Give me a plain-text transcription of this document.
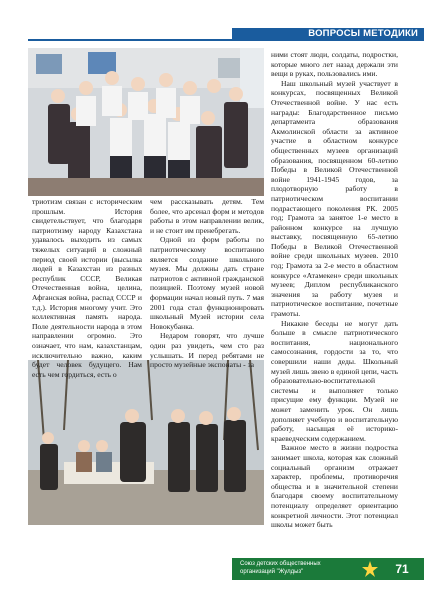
ВОПРОСЫ МЕТОДИКИ

триотизм связан с историческим прошлым. История свидетельствует, что благодаря патриотизму народу Казахстана удавалось выходить из самых тяжелых ситуаций в сложный период своей истории (высылка людей в Казахстан из разных республик СССР, Великая Отечественная война, целина, Афганская война, распад СССР и т.д.). История многому учит. Это коллективная память народа. Поле деятельности народа в этом направлении огромно. Это означает, что нам, казахстанцам, исключительно важно, каким будет человек будущего. Нам есть чем гордиться, есть о

чем рассказывать детям. Тем более, что арсенал форм и методов работы в этом направлении велик, и не стоит им пренебрегать.

Одной из форм работы по патриотическому воспитанию является создание школьного музея. Мы должны дать стране патриотов с активной гражданской позицией. Поэтому музей новой формации начал новый путь. 7 мая 2001 года стал функционировать школьный Музей истории села Новокубанка.

Недаром говорят, что лучше один раз увидеть, чем сто раз услышать. И перед ребятами не просто музейные экспонаты - за

ними стоят люди, солдаты, подростки, которые много лет назад держали эти вещи в руках, пользовались ими.

Наш школьный музей участвует в конкурсах, посвященных Великой Отечественной войне. У нас есть награды: Благодарственное письмо департамента образования Акмолинской области за активное участие в областном конкурсе общественных музеев организаций образования, посвященном 60-летию Победы в Великой Отечественной войне 1941-1945 годов, за плодотворную работу в патриотическом воспитании подрастающего поколения РК. 2005 год; Грамота за занятое 1-е место в районном конкурсе на лучшую выставку, посвященную 65-летию Победы в Великой Отечественной войне среди школьных музеев. 2010 год; Грамота за 2-е место в областном конкурсе «Атамекен» среди школьных музеев; Диплом республиканского значения за работу музея и патриотическое воспитание, почетные грамоты.

Никакие беседы не могут дать больше в смысле патриотического воспитания, национального самосознания, гордости за то, что совершили наши деды. Школьный музей лишь звено в единой цепи, часть образовательно-воспитательной системы и выполняет только присущие ему функции. Музей не может заменить урок. Он лишь дополняет учебную и воспитательную работу, насыщая её историко-краеведческим содержанием.

Важное место в жизни подростка занимает школа, которая как сложный социальный организм отражает характер, проблемы, противоречия общества и в значительной степени благодаря своему воспитательному потенциалу определяет ориентацию конкретной личности. Этот потенциал школы может быть

Союз детских общественных
организаций "Жулдыз"	71
